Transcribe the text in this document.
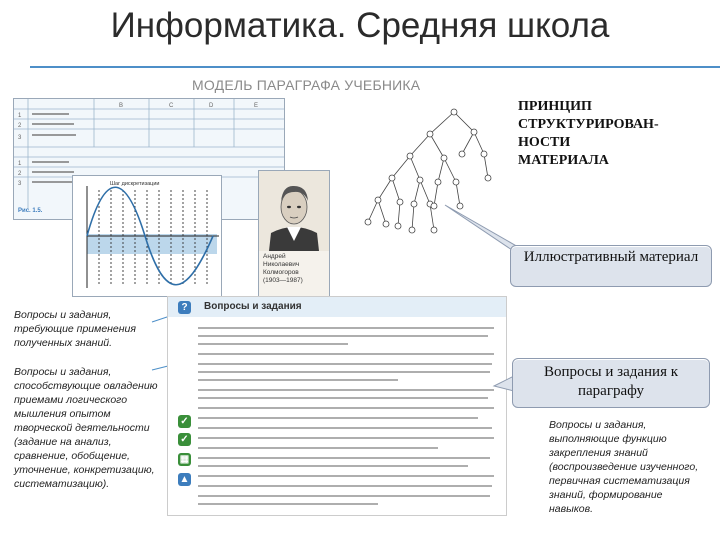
Информатика. Средняя школа
МОДЕЛЬ ПАРАГРАФА УЧЕБНИКА
ПРИНЦИП
СТРУКТУРИРОВАН-
НОСТИ
МАТЕРИАЛА
1
2
3
1
2
3
B	C	D	E
Рис. 1.5.
Шаг дискретизации
Андрей
Николаевич
Колмогоров
(1903—1987)
Иллюстративный материал
?	Вопросы и задания
✓
✓
▦
▲
Вопросы и задания к параграфу
Вопросы и задания, требующие применения полученных знаний.
Вопросы и задания, способствующие овладению приемами логического мышления опытом творческой деятельности (задание на анализ, сравнение, обобщение, уточнение, конкретизацию, систематизацию).
Вопросы и задания, выполняющие функцию закрепления знаний (воспроизведение изученного, первичная систематизация знаний, формирование навыков.
